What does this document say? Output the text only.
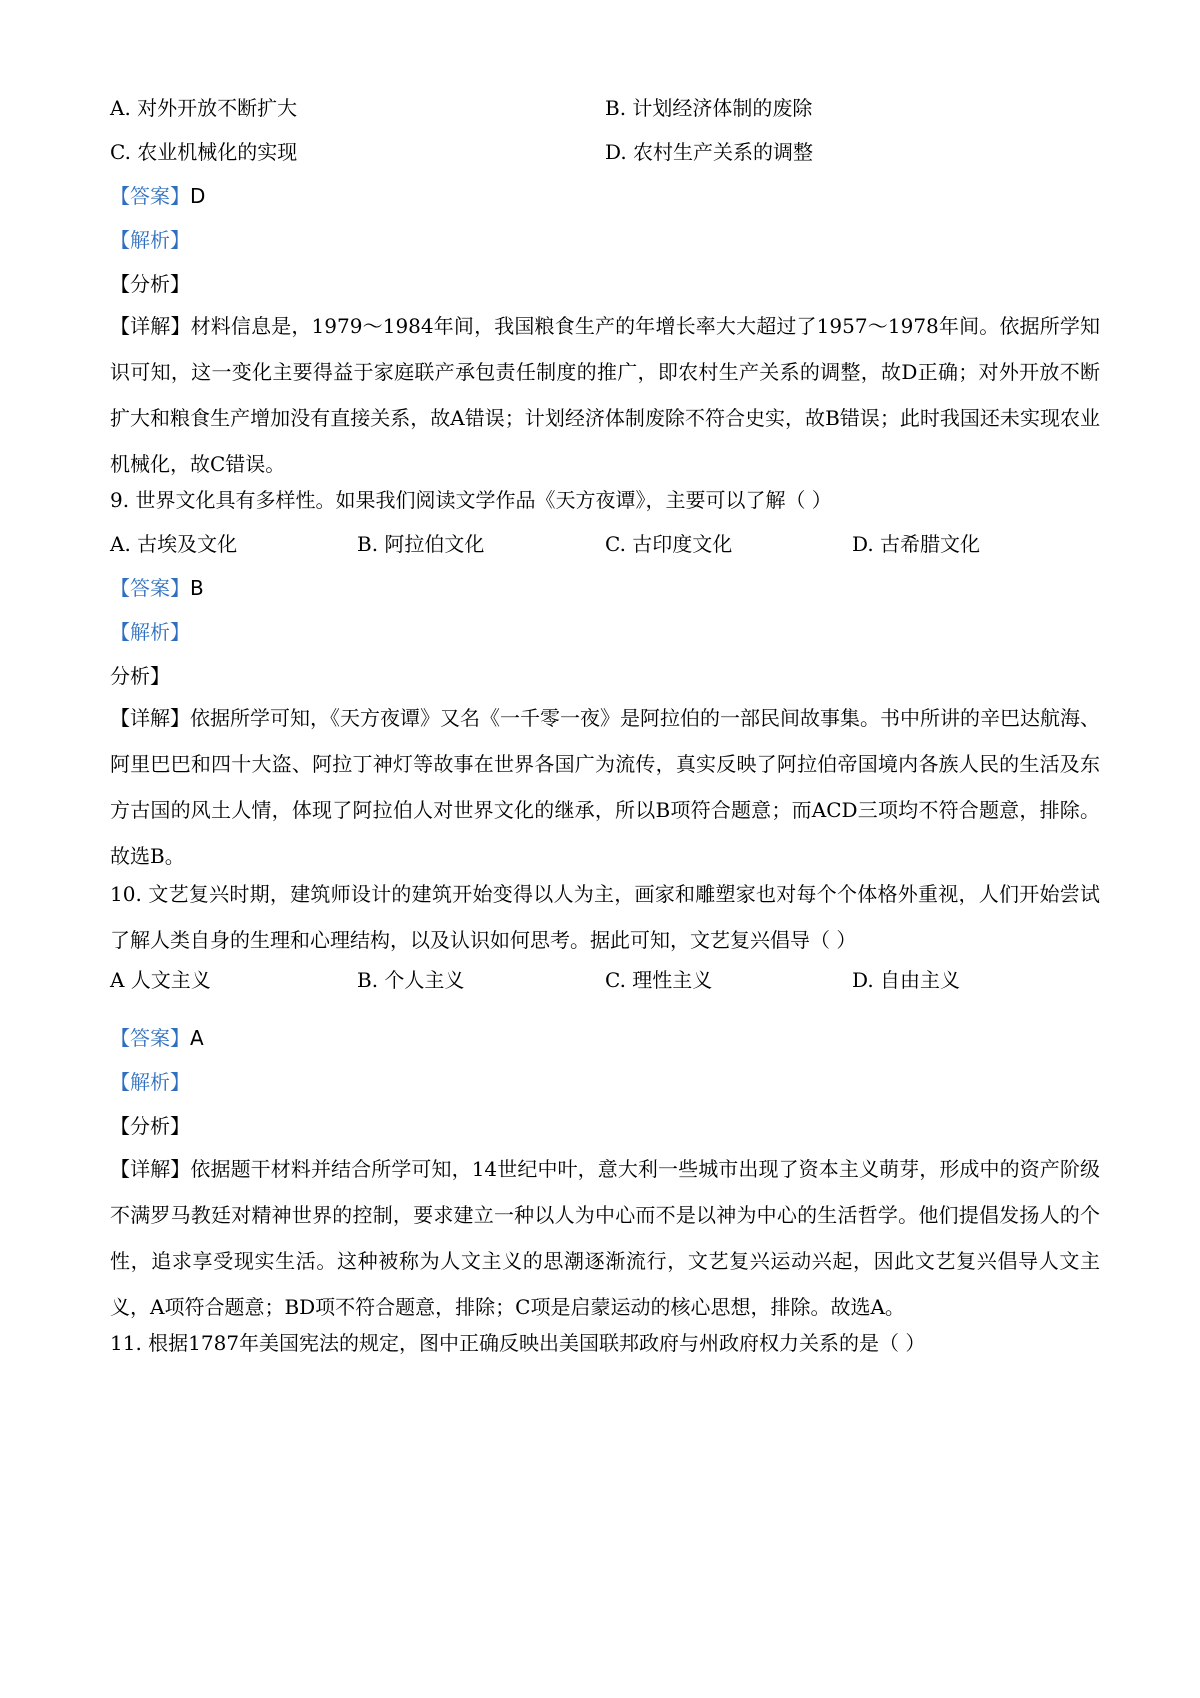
A. 对外开放不断扩大	B. 计划经济体制的废除
C. 农业机械化的实现	D. 农村生产关系的调整
【答案】D
【解析】
【分析】
【详解】材料信息是，1979～1984年间，我国粮食生产的年增长率大大超过了1957～1978年间。依据所学知识可知，这一变化主要得益于家庭联产承包责任制度的推广，即农村生产关系的调整，故D正确；对外开放不断扩大和粮食生产增加没有直接关系，故A错误；计划经济体制废除不符合史实，故B错误；此时我国还未实现农业机械化，故C错误。
9. 世界文化具有多样性。如果我们阅读文学作品《天方夜谭》，主要可以了解（ ）
A. 古埃及文化	B. 阿拉伯文化	C. 古印度文化	D. 古希腊文化
【答案】B
【解析】
分析】
【详解】依据所学可知，《天方夜谭》又名《一千零一夜》是阿拉伯的一部民间故事集。书中所讲的辛巴达航海、阿里巴巴和四十大盗、阿拉丁神灯等故事在世界各国广为流传，真实反映了阿拉伯帝国境内各族人民的生活及东方古国的风土人情，体现了阿拉伯人对世界文化的继承，所以B项符合题意；而ACD三项均不符合题意，排除。故选B。
10. 文艺复兴时期，建筑师设计的建筑开始变得以人为主，画家和雕塑家也对每个个体格外重视，人们开始尝试了解人类自身的生理和心理结构，以及认识如何思考。据此可知，文艺复兴倡导（ ）
A 人文主义	B. 个人主义	C. 理性主义	D. 自由主义
【答案】A
【解析】
【分析】
【详解】依据题干材料并结合所学可知，14世纪中叶，意大利一些城市出现了资本主义萌芽，形成中的资产阶级不满罗马教廷对精神世界的控制，要求建立一种以人为中心而不是以神为中心的生活哲学。他们提倡发扬人的个性，追求享受现实生活。这种被称为人文主义的思潮逐渐流行，文艺复兴运动兴起，因此文艺复兴倡导人文主义，A项符合题意；BD项不符合题意，排除；C项是启蒙运动的核心思想，排除。故选A。
11. 根据1787年美国宪法的规定，图中正确反映出美国联邦政府与州政府权力关系的是（ ）
